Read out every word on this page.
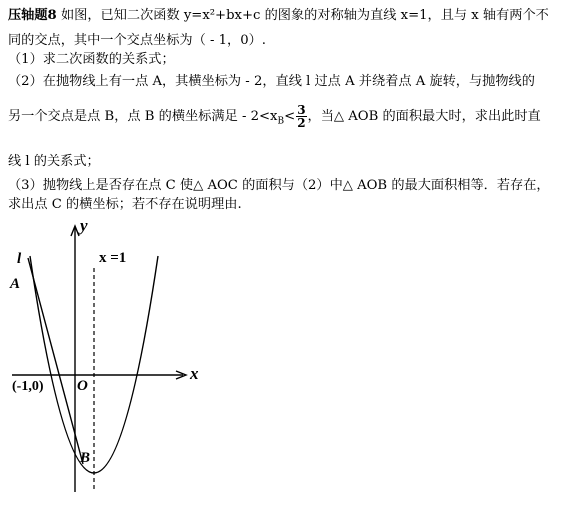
压轴题8 如图，已知二次函数 y=x²+bx+c 的图象的对称轴为直线 x=1，且与 x 轴有两个不
同的交点，其中一个交点坐标为（ - 1，0）.
（1）求二次函数的关系式；
（2）在抛物线上有一点 A，其横坐标为 - 2，直线 l 过点 A 并绕着点 A 旋转，与抛物线的
另一个交点是点 B，点 B 的横坐标满足 - $2<x_B< \frac{3}{2}$ ，当△ AOB 的面积最大时，求出此时直
线 l 的关系式；
（3）抛物线上是否存在点 C 使△ AOC 的面积与（2）中△ AOB 的最大面积相等．若存在，
求出点 C 的横坐标；若不存在说明理由.
y
x
x =1
l
A
O
(-1,0)
B
